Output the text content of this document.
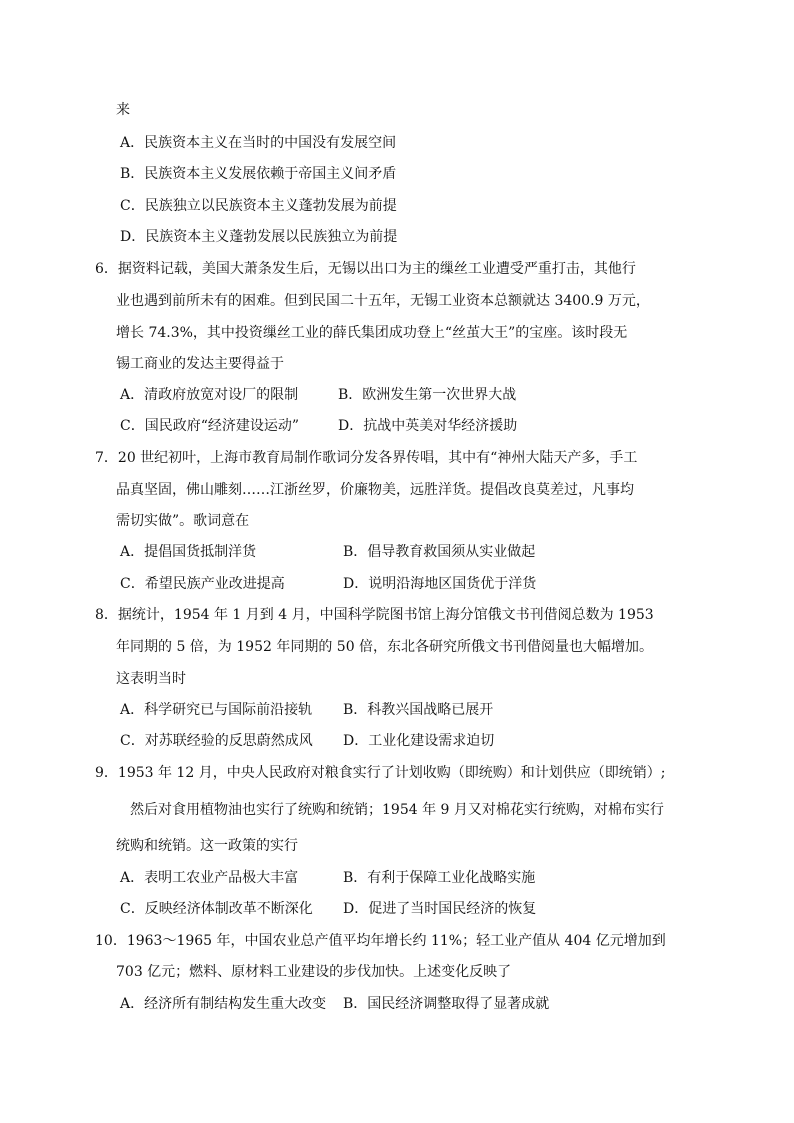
来
A．民族资本主义在当时的中国没有发展空间
B．民族资本主义发展依赖于帝国主义间矛盾
C．民族独立以民族资本主义蓬勃发展为前提
D．民族资本主义蓬勃发展以民族独立为前提
6．据资料记载，美国大萧条发生后，无锡以出口为主的缫丝工业遭受严重打击，其他行
业也遇到前所未有的困难。但到民国二十五年，无锡工业资本总额就达 3400.9 万元，
增长 74.3%，其中投资缫丝工业的薛氏集团成功登上“丝茧大王”的宝座。该时段无
锡工商业的发达主要得益于
A．清政府放宽对设厂的限制	B．欧洲发生第一次世界大战
C．国民政府“经济建设运动”	D．抗战中英美对华经济援助
7．20 世纪初叶，上海市教育局制作歌词分发各界传唱，其中有“神州大陆天产多，手工
品真坚固，佛山雕刻……江浙丝罗，价廉物美，远胜洋货。提倡改良莫差过，凡事均
需切实做”。歌词意在
A．提倡国货抵制洋货	B．倡导教育救国须从实业做起
C．希望民族产业改进提高	D．说明沿海地区国货优于洋货
8．据统计，1954 年 1 月到 4 月，中国科学院图书馆上海分馆俄文书刊借阅总数为 1953
年同期的 5 倍，为 1952 年同期的 50 倍，东北各研究所俄文书刊借阅量也大幅增加。
这表明当时
A．科学研究已与国际前沿接轨 B．科教兴国战略已展开
C．对苏联经验的反思蔚然成风 D．工业化建设需求迫切
9．1953 年 12 月，中央人民政府对粮食实行了计划收购（即统购）和计划供应（即统销）;
然后对食用植物油也实行了统购和统销；1954 年 9 月又对棉花实行统购，对棉布实行
统购和统销。这一政策的实行
A．表明工农业产品极大丰富	B．有利于保障工业化战略实施
C．反映经济体制改革不断深化 D．促进了当时国民经济的恢复
10．1963～1965 年，中国农业总产值平均年增长约 11%；轻工业产值从 404 亿元增加到
703 亿元；燃料、原材料工业建设的步伐加快。上述变化反映了
A．经济所有制结构发生重大改变 B．国民经济调整取得了显著成就
